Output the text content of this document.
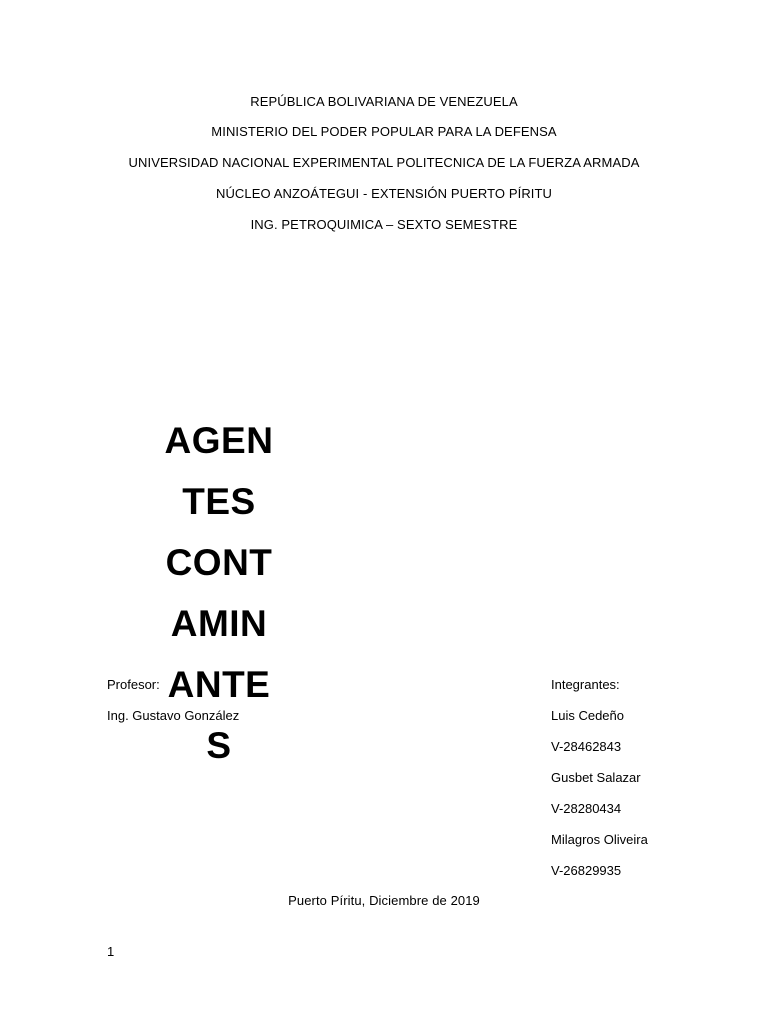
REPÚBLICA BOLIVARIANA DE VENEZUELA
MINISTERIO DEL PODER POPULAR PARA LA DEFENSA
UNIVERSIDAD NACIONAL EXPERIMENTAL POLITECNICA DE LA FUERZA ARMADA
NÚCLEO ANZOÁTEGUI - EXTENSIÓN PUERTO PÍRITU
ING. PETROQUIMICA – SEXTO SEMESTRE
AGEN
TES
CONT
AMIN
ANTE
S
Profesor:
Ing. Gustavo González
Integrantes:
Luis Cedeño
V-28462843
Gusbet Salazar
V-28280434
Milagros Oliveira
V-26829935
Puerto Píritu, Diciembre de 2019
1
